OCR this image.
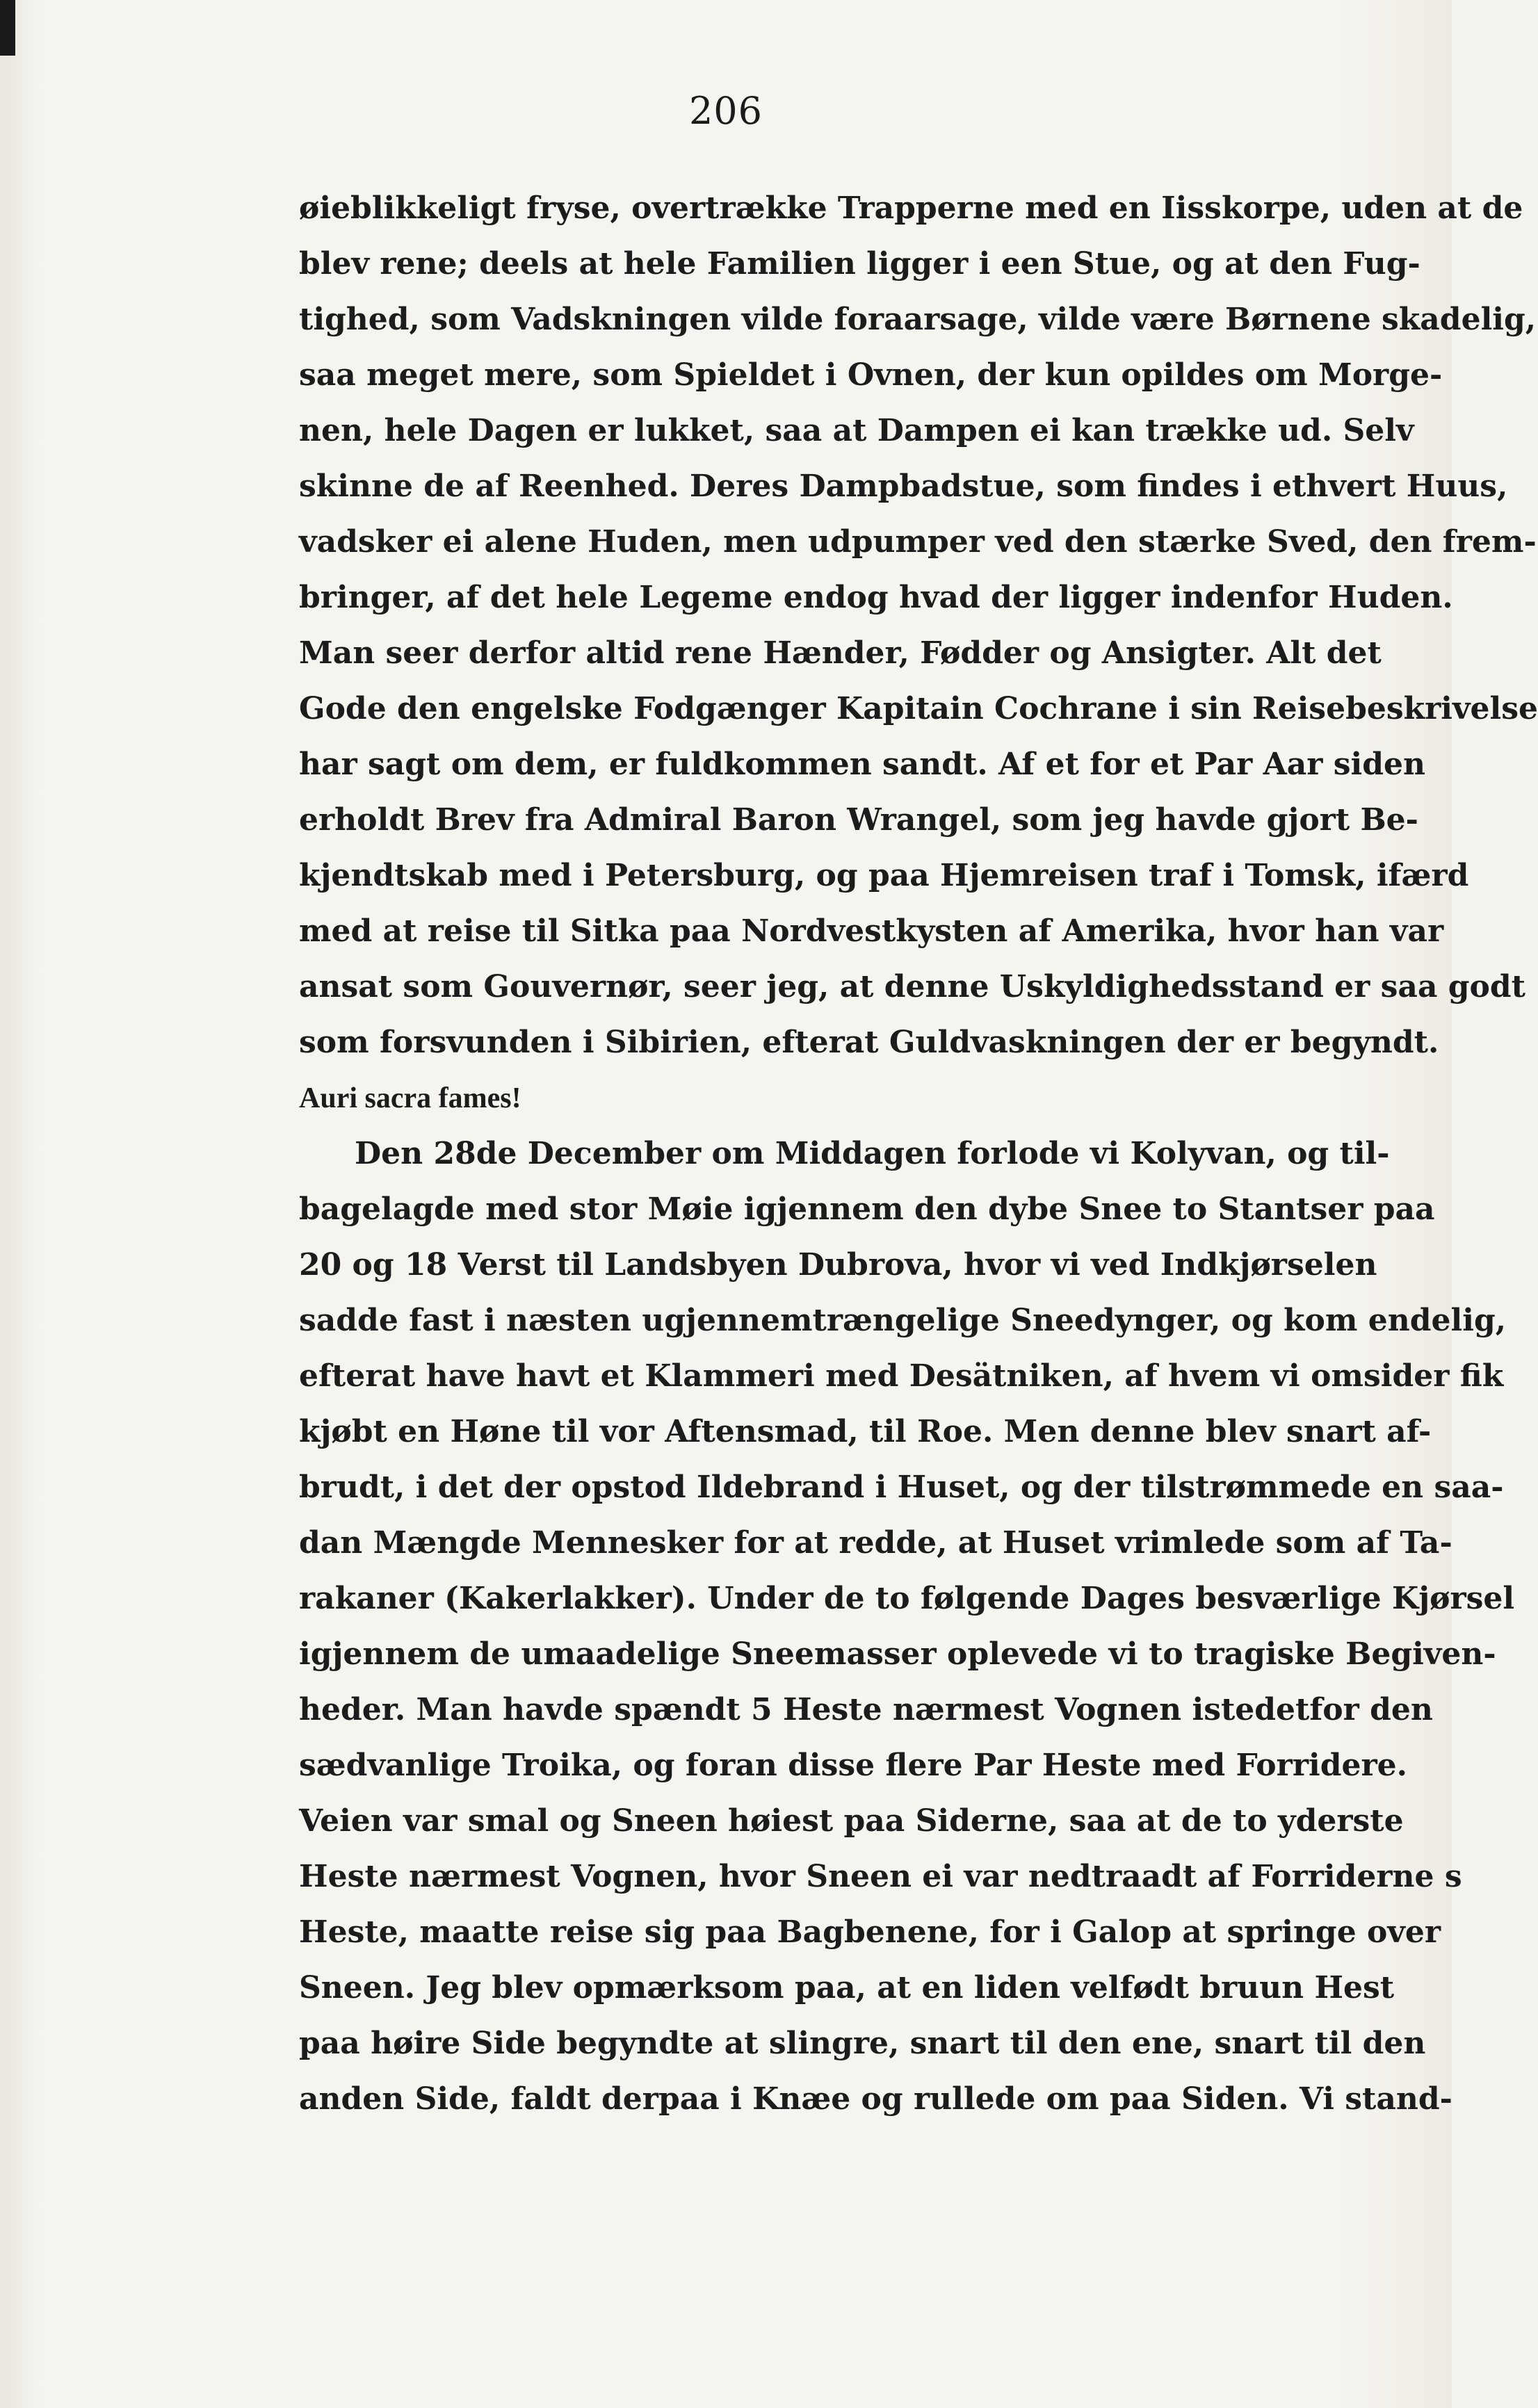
206
øieblikkeligt fryse, overtrække Trapperne med en Iisskorpe, uden at de
blev rene; deels at hele Familien ligger i een Stue, og at den Fug-
tighed, som Vadskningen vilde foraarsage, vilde være Børnene skadelig,
saa meget mere, som Spieldet i Ovnen, der kun opildes om Morge-
nen, hele Dagen er lukket, saa at Dampen ei kan trække ud. Selv
skinne de af Reenhed. Deres Dampbadstue, som findes i ethvert Huus,
vadsker ei alene Huden, men udpumper ved den stærke Sved, den frem-
bringer, af det hele Legeme endog hvad der ligger indenfor Huden.
Man seer derfor altid rene Hænder, Fødder og Ansigter. Alt det
Gode den engelske Fodgænger Kapitain Cochrane i sin Reisebeskrivelse
har sagt om dem, er fuldkommen sandt. Af et for et Par Aar siden
erholdt Brev fra Admiral Baron Wrangel, som jeg havde gjort Be-
kjendtskab med i Petersburg, og paa Hjemreisen traf i Tomsk, ifærd
med at reise til Sitka paa Nordvestkysten af Amerika, hvor han var
ansat som Gouvernør, seer jeg, at denne Uskyldighedsstand er saa godt
som forsvunden i Sibirien, efterat Guldvaskningen der er begyndt.
Auri sacra fames!
Den 28de December om Middagen forlode vi Kolyvan, og til-
bagelagde med stor Møie igjennem den dybe Snee to Stantser paa
20 og 18 Verst til Landsbyen Dubrova, hvor vi ved Indkjørselen
sadde fast i næsten ugjennemtrængelige Sneedynger, og kom endelig,
efterat have havt et Klammeri med Desätniken, af hvem vi omsider fik
kjøbt en Høne til vor Aftensmad, til Roe. Men denne blev snart af-
brudt, i det der opstod Ildebrand i Huset, og der tilstrømmede en saa-
dan Mængde Mennesker for at redde, at Huset vrimlede som af Ta-
rakaner (Kakerlakker). Under de to følgende Dages besværlige Kjørsel
igjennem de umaadelige Sneemasser oplevede vi to tragiske Begiven-
heder. Man havde spændt 5 Heste nærmest Vognen istedetfor den
sædvanlige Troika, og foran disse flere Par Heste med Forridere.
Veien var smal og Sneen høiest paa Siderne, saa at de to yderste
Heste nærmest Vognen, hvor Sneen ei var nedtraadt af Forriderne s
Heste, maatte reise sig paa Bagbenene, for i Galop at springe over
Sneen. Jeg blev opmærksom paa, at en liden velfødt bruun Hest
paa høire Side begyndte at slingre, snart til den ene, snart til den
anden Side, faldt derpaa i Knæe og rullede om paa Siden. Vi stand-
